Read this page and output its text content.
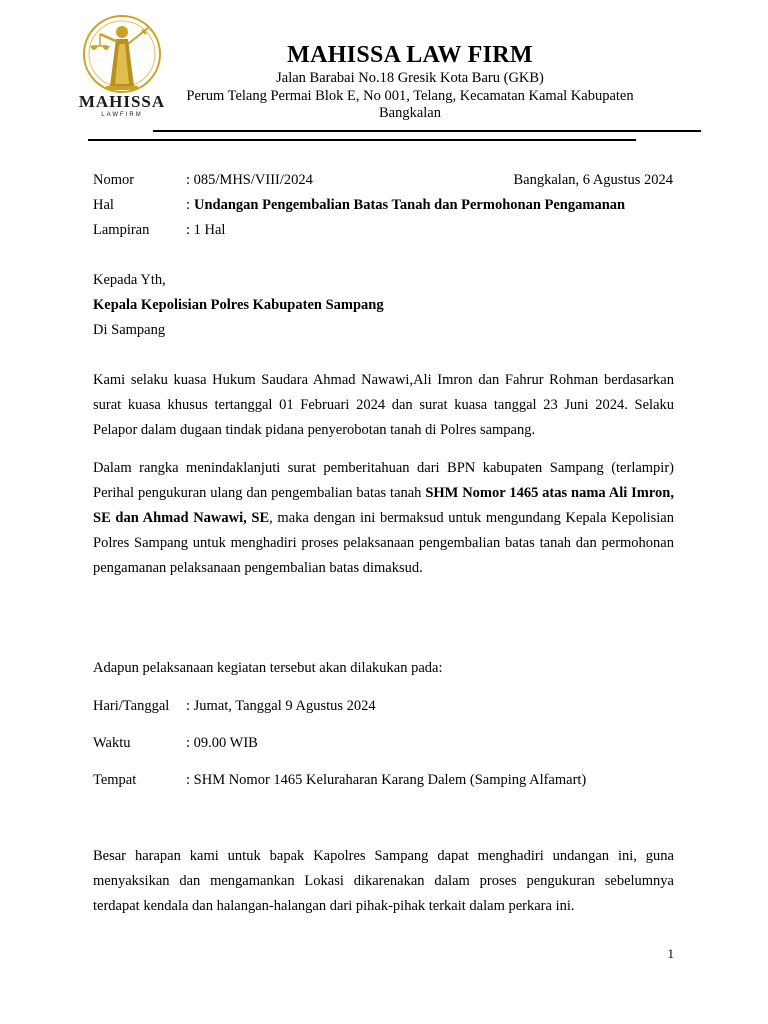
MAHISSA
LAWFIRM
MAHISSA LAW FIRM
Jalan Barabai No.18 Gresik Kota Baru (GKB)
Perum Telang Permai Blok E, No 001, Telang, Kecamatan Kamal Kabupaten
Bangkalan
Nomor	: 085/MHS/VIII/2024	Bangkalan, 6 Agustus 2024
Hal	: Undangan Pengembalian Batas Tanah dan Permohonan Pengamanan
Lampiran	: 1 Hal
Kepada Yth,
Kepala Kepolisian Polres Kabupaten Sampang
Di Sampang
Kami selaku kuasa Hukum Saudara Ahmad Nawawi,Ali Imron dan Fahrur Rohman berdasarkan surat kuasa khusus tertanggal 01 Februari 2024 dan surat kuasa tanggal 23 Juni 2024. Selaku Pelapor dalam dugaan tindak pidana penyerobotan tanah di Polres sampang.
Dalam rangka menindaklanjuti surat pemberitahuan dari BPN kabupaten Sampang (terlampir) Perihal pengukuran ulang dan pengembalian batas tanah SHM Nomor 1465 atas nama Ali Imron, SE dan Ahmad Nawawi, SE, maka dengan ini bermaksud untuk mengundang Kepala Kepolisian Polres Sampang untuk menghadiri proses pelaksanaan pengembalian batas tanah dan permohonan pengamanan pelaksanaan pengembalian batas dimaksud.
Adapun pelaksanaan kegiatan tersebut akan dilakukan pada:
Hari/Tanggal : Jumat, Tanggal 9 Agustus 2024
Waktu	: 09.00 WIB
Tempat	: SHM Nomor 1465 Keluraharan Karang Dalem (Samping Alfamart)
Besar harapan kami untuk bapak Kapolres Sampang dapat menghadiri undangan ini, guna menyaksikan dan mengamankan Lokasi dikarenakan dalam proses pengukuran sebelumnya terdapat kendala dan halangan-halangan dari pihak-pihak terkait dalam perkara ini.
1
